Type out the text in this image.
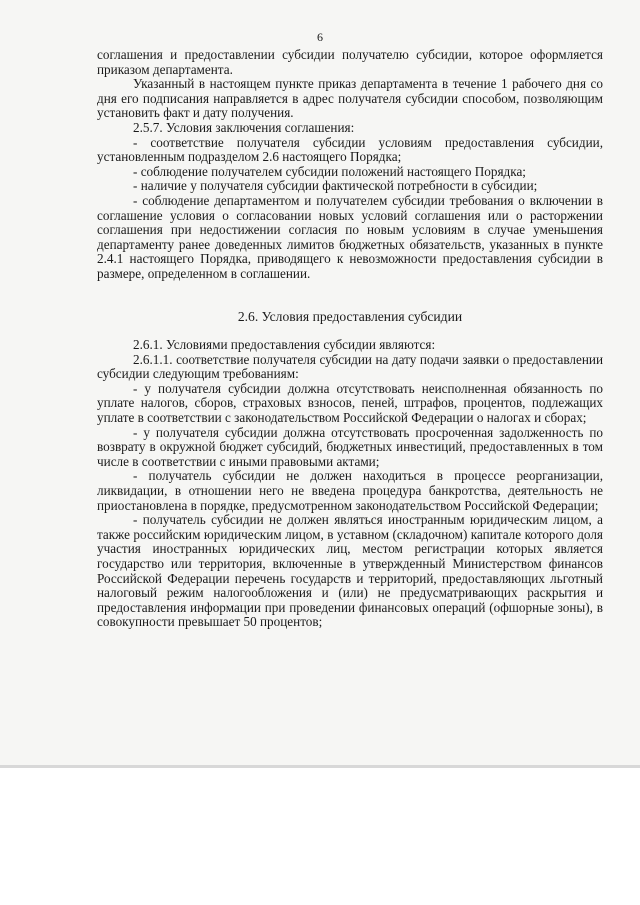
6

соглашения и предоставлении субсидии получателю субсидии, которое оформляется приказом департамента.

Указанный в настоящем пункте приказ департамента в течение 1 рабочего дня со дня его подписания направляется в адрес получателя субсидии способом, позволяющим установить факт и дату получения.

2.5.7. Условия заключения соглашения:

- соответствие получателя субсидии условиям предоставления субсидии, установленным подразделом 2.6 настоящего Порядка;

- соблюдение получателем субсидии положений настоящего Порядка;

- наличие у получателя субсидии фактической потребности в субсидии;

- соблюдение департаментом и получателем субсидии требования о включении в соглашение условия о согласовании новых условий соглашения или о расторжении соглашения при недостижении согласия по новым условиям в случае уменьшения департаменту ранее доведенных лимитов бюджетных обязательств, указанных в пункте 2.4.1 настоящего Порядка, приводящего к невозможности предоставления субсидии в размере, определенном в соглашении.

2.6. Условия предоставления субсидии

2.6.1. Условиями предоставления субсидии являются:

2.6.1.1. соответствие получателя субсидии на дату подачи заявки о предоставлении субсидии следующим требованиям:

- у получателя субсидии должна отсутствовать неисполненная обязанность по уплате налогов, сборов, страховых взносов, пеней, штрафов, процентов, подлежащих уплате в соответствии с законодательством Российской Федерации о налогах и сборах;

- у получателя субсидии должна отсутствовать просроченная задолженность по возврату в окружной бюджет субсидий, бюджетных инвестиций, предоставленных в том числе в соответствии с иными правовыми актами;

- получатель субсидии не должен находиться в процессе реорганизации, ликвидации, в отношении него не введена процедура банкротства, деятельность не приостановлена в порядке, предусмотренном законодательством Российской Федерации;

- получатель субсидии не должен являться иностранным юридическим лицом, а также российским юридическим лицом, в уставном (складочном) капитале которого доля участия иностранных юридических лиц, местом регистрации которых является государство или территория, включенные в утвержденный Министерством финансов Российской Федерации перечень государств и территорий, предоставляющих льготный налоговый режим налогообложения и (или) не предусматривающих раскрытия и предоставления информации при проведении финансовых операций (офшорные зоны), в совокупности превышает 50 процентов;
